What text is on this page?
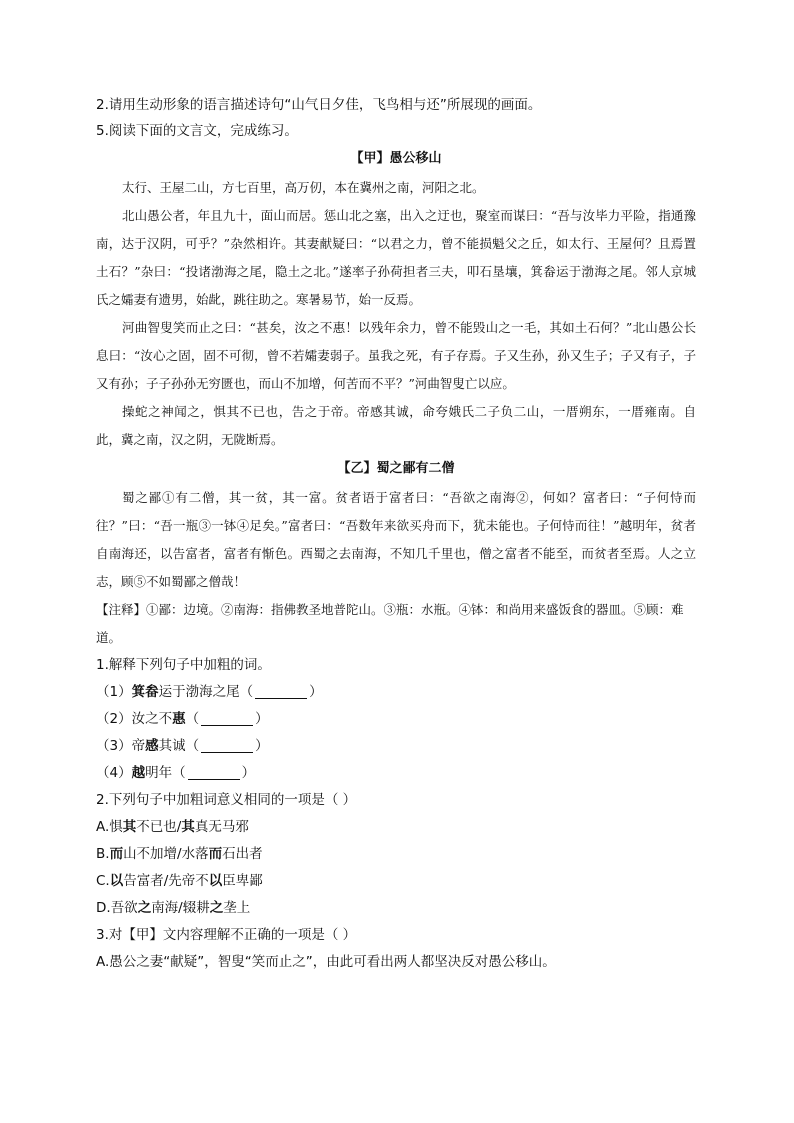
2.请用生动形象的语言描述诗句“山气日夕佳，飞鸟相与还”所展现的画面。

5.阅读下面的文言文，完成练习。

【甲】愚公移山

太行、王屋二山，方七百里，高万仞，本在冀州之南，河阳之北。

北山愚公者，年且九十，面山而居。惩山北之塞，出入之迂也，聚室而谋曰：“吾与汝毕力平险，指通豫南，达于汉阴，可乎？”杂然相许。其妻献疑曰：“以君之力，曾不能损魁父之丘，如太行、王屋何？且焉置土石？”杂曰：“投诸渤海之尾，隐土之北。”遂率子孙荷担者三夫，叩石垦壤，箕畚运于渤海之尾。邻人京城氏之孀妻有遗男，始龀，跳往助之。寒暑易节，始一反焉。

河曲智叟笑而止之曰：“甚矣，汝之不惠！以残年余力，曾不能毁山之一毛，其如土石何？”北山愚公长息曰：“汝心之固，固不可彻，曾不若孀妻弱子。虽我之死，有子存焉。子又生孙，孙又生子；子又有子，子又有孙；子子孙孙无穷匮也，而山不加增，何苦而不平？”河曲智叟亡以应。

操蛇之神闻之，惧其不已也，告之于帝。帝感其诚，命夸娥氏二子负二山，一厝朔东，一厝雍南。自此，冀之南，汉之阴，无陇断焉。

【乙】蜀之鄙有二僧

蜀之鄙①有二僧，其一贫，其一富。贫者语于富者曰：“吾欲之南海②，何如？富者曰：“子何恃而往？”曰：“吾一瓶③一钵④足矣。”富者曰：“吾数年来欲买舟而下，犹未能也。子何恃而往！”越明年，贫者自南海还，以告富者，富者有惭色。西蜀之去南海，不知几千里也，僧之富者不能至，而贫者至焉。人之立志，顾⑤不如蜀鄙之僧哉！

【注释】①鄙：边境。②南海：指佛教圣地普陀山。③瓶：水瓶。④钵：和尚用来盛饭食的器皿。⑤顾：难道。

1.解释下列句子中加粗的词。

（1）箕畚运于渤海之尾（	）

（2）汝之不惠（	）

（3）帝感其诚（	）

（4）越明年（	）

2.下列句子中加粗词意义相同的一项是（ ）

A.惧其不已也/其真无马邪

B.而山不加增/水落而石出者

C.以告富者/先帝不以臣卑鄙

D.吾欲之南海/辍耕之垄上

3.对【甲】文内容理解不正确的一项是（ ）

A.愚公之妻“献疑”，智叟“笑而止之”，由此可看出两人都坚决反对愚公移山。
